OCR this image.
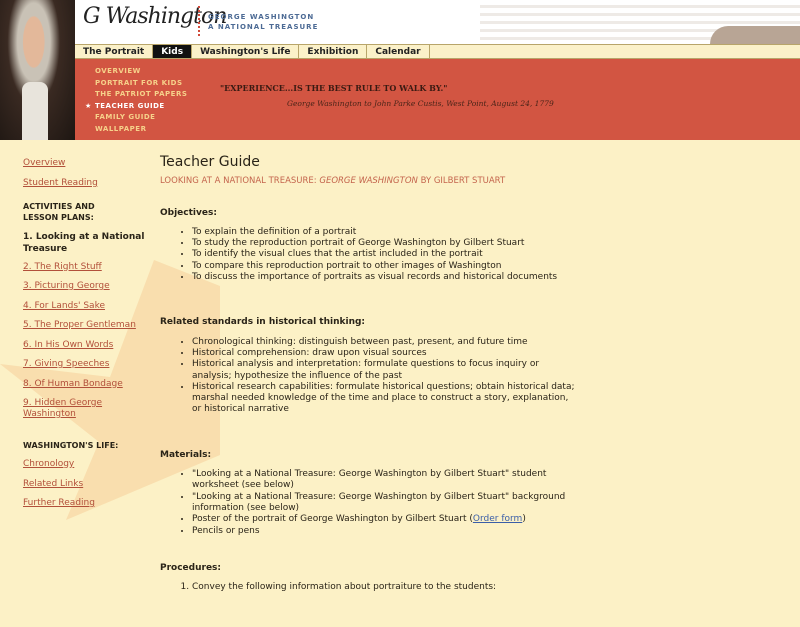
G Washington
GEORGE WASHINGTON
A NATIONAL TREASURE
The Portrait	Kids	Washington's Life	Exhibition	Calendar
OVERVIEW
PORTRAIT FOR KIDS
THE PATRIOT PAPERS
★ TEACHER GUIDE
FAMILY GUIDE
WALLPAPER
"EXPERIENCE...IS THE BEST RULE TO WALK BY."
George Washington to John Parke Custis, West Point, August 24, 1779
Overview
Student Reading
ACTIVITIES AND
LESSON PLANS:
1. Looking at a National
Treasure
2. The Right Stuff
3. Picturing George
4. For Lands' Sake
5. The Proper Gentleman
6. In His Own Words
7. Giving Speeches
8. Of Human Bondage
9. Hidden George Washington
WASHINGTON'S LIFE:
Chronology
Related Links
Further Reading
Teacher Guide
LOOKING AT A NATIONAL TREASURE: GEORGE WASHINGTON BY GILBERT STUART
Objectives:
• To explain the definition of a portrait
• To study the reproduction portrait of George Washington by Gilbert Stuart
• To identify the visual clues that the artist included in the portrait
• To compare this reproduction portrait to other images of Washington
• To discuss the importance of portraits as visual records and historical documents
Related standards in historical thinking:
• Chronological thinking: distinguish between past, present, and future time
• Historical comprehension: draw upon visual sources
• Historical analysis and interpretation: formulate questions to focus inquiry or analysis; hypothesize the influence of the past
• Historical research capabilities: formulate historical questions; obtain historical data; marshal needed knowledge of the time and place to construct a story, explanation, or historical narrative
Materials:
• "Looking at a National Treasure: George Washington by Gilbert Stuart" student worksheet (see below)
• "Looking at a National Treasure: George Washington by Gilbert Stuart" background information (see below)
• Poster of the portrait of George Washington by Gilbert Stuart (Order form)
• Pencils or pens
Procedures:
1. Convey the following information about portraiture to the students:
